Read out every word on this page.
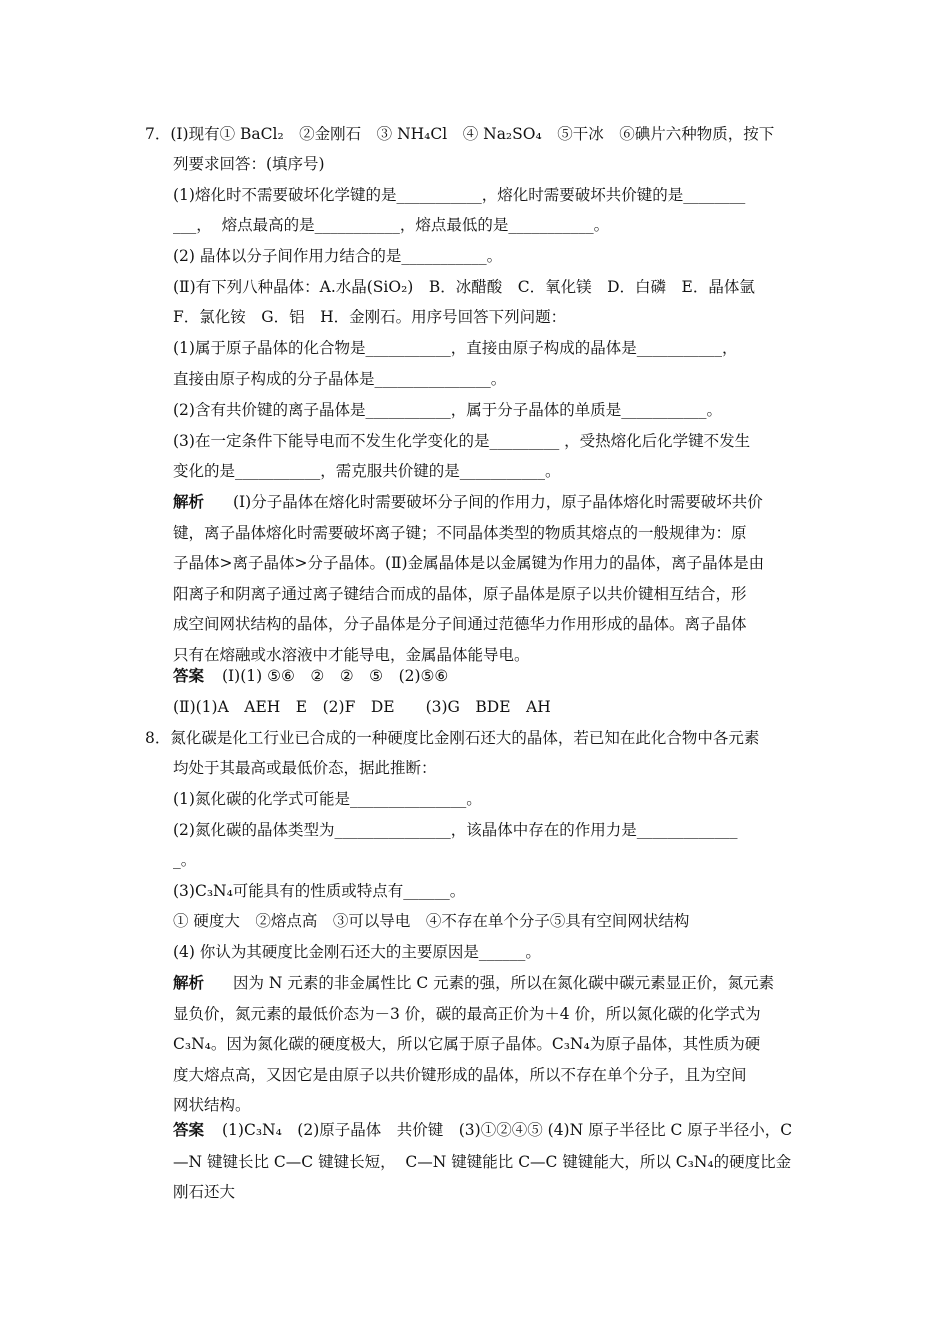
7．(Ⅰ)现有① BaCl₂　②金刚石　③ NH₄Cl　④ Na₂SO₄　⑤干冰　⑥碘片六种物质，按下
列要求回答：(填序号)
(1)熔化时不需要破坏化学键的是___________，熔化时需要破坏共价键的是________
___，  熔点最高的是___________，熔点最低的是___________。
(2) 晶体以分子间作用力结合的是___________。
(Ⅱ)有下列八种晶体：A.水晶(SiO₂)　B．冰醋酸　C．氧化镁　D．白磷　E．晶体氩
F．氯化铵　G．铝　H．金刚石。用序号回答下列问题：
(1)属于原子晶体的化合物是___________，直接由原子构成的晶体是___________，
直接由原子构成的分子晶体是_______________。
(2)含有共价键的离子晶体是___________，属于分子晶体的单质是___________。
(3)在一定条件下能导电而不发生化学变化的是_________ ，受热熔化后化学键不发生
变化的是___________，需克服共价键的是___________。
解析 (Ⅰ)分子晶体在熔化时需要破坏分子间的作用力，原子晶体熔化时需要破坏共价
键，离子晶体熔化时需要破坏离子键；不同晶体类型的物质其熔点的一般规律为：原
子晶体>离子晶体>分子晶体。(Ⅱ)金属晶体是以金属键为作用力的晶体，离子晶体是由
阳离子和阴离子通过离子键结合而成的晶体，原子晶体是原子以共价键相互结合，形
成空间网状结构的晶体，分子晶体是分子间通过范德华力作用形成的晶体。离子晶体
只有在熔融或水溶液中才能导电，金属晶体能导电。
答案 (Ⅰ)(1) ⑤⑥　②　②　⑤　(2)⑤⑥
(Ⅱ)(1)A　AEH　E　(2)F　DE　　(3)G　BDE　AH
8．氮化碳是化工行业已合成的一种硬度比金刚石还大的晶体，若已知在此化合物中各元素
均处于其最高或最低价态，据此推断：
(1)氮化碳的化学式可能是_______________。
(2)氮化碳的晶体类型为_______________，该晶体中存在的作用力是_____________
_。
(3)C₃N₄可能具有的性质或特点有______。
① 硬度大　②熔点高　③可以导电　④不存在单个分子⑤具有空间网状结构
(4) 你认为其硬度比金刚石还大的主要原因是______。
解析 因为 N 元素的非金属性比 C 元素的强，所以在氮化碳中碳元素显正价，氮元素
显负价，氮元素的最低价态为－3 价，碳的最高正价为＋4 价，所以氮化碳的化学式为
C₃N₄。因为氮化碳的硬度极大，所以它属于原子晶体。C₃N₄为原子晶体，其性质为硬
度大熔点高，又因它是由原子以共价键形成的晶体，所以不存在单个分子，且为空间
网状结构。
答案 (1)C₃N₄　(2)原子晶体　共价键　(3)①②④⑤ (4)N 原子半径比 C 原子半径小，C
—N 键键长比 C—C 键键长短，  C—N 键键能比 C—C 键键能大，所以 C₃N₄的硬度比金
刚石还大
